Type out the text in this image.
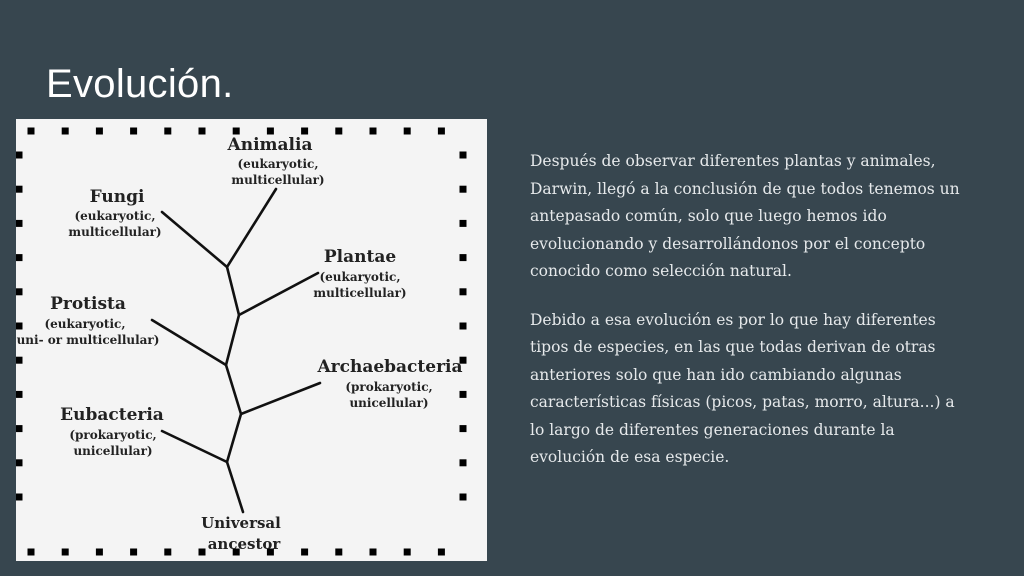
Evolución.
Animalia
(eukaryotic,
multicellular)
Fungi
(eukaryotic,
multicellular)
Plantae
(eukaryotic,
multicellular)
Protista
(eukaryotic,
uni- or multicellular)
Archaebacteria
(prokaryotic,
unicellular)
Eubacteria
(prokaryotic,
unicellular)
Universal
ancestor

Después de observar diferentes plantas y animales, Darwin, llegó a la conclusión de que todos tenemos un antepasado común, solo que luego hemos ido evolucionando y desarrollándonos por el concepto conocido como selección natural.

Debido a esa evolución es por lo que hay diferentes tipos de especies, en las que todas derivan de otras anteriores solo que han ido cambiando algunas características físicas (picos, patas, morro, altura...) a lo largo de diferentes generaciones durante la evolución de esa especie.
